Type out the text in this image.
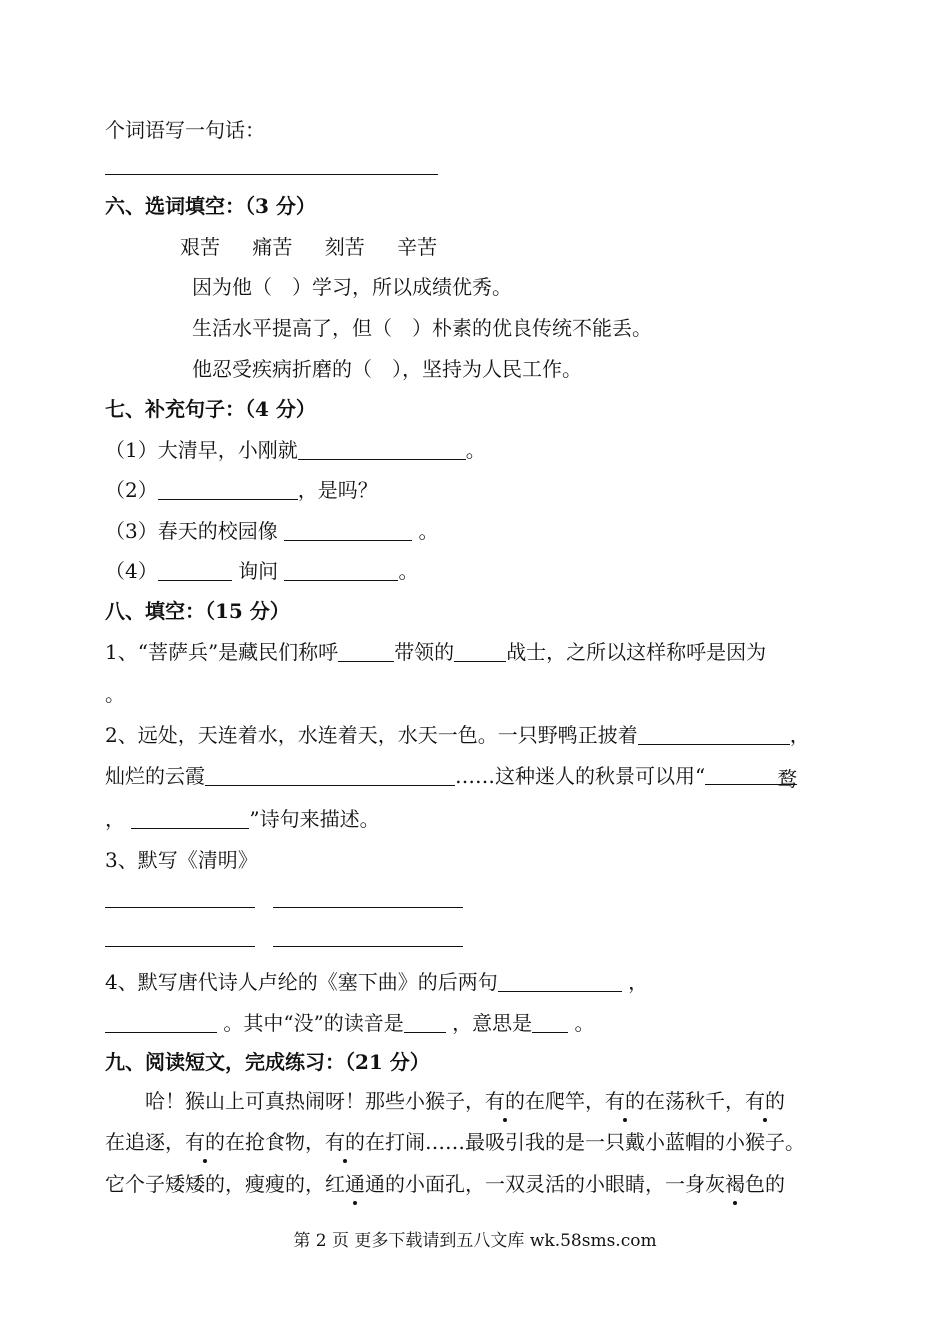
个词语写一句话：
六、选词填空：（3 分）
艰苦 痛苦 刻苦 辛苦
因为他（ ）学习，所以成绩优秀。
生活水平提高了，但（ ）朴素的优良传统不能丢。
他忍受疾病折磨的（ ），坚持为人民工作。
七、补充句子：（4 分）
（1）大清早，小刚就	。
（2）	，是吗？
（3）春天的校园像	。
（4）	询问	。
八、填空：（15 分）
1、“菩萨兵”是藏民们称呼	带领的	战士，之所以这样称呼是因为
。
2、远处，天连着水，水连着天，水天一色。一只野鸭正披着	，
灿烂的云霞	……这种迷人的秋景可以用“	鹜
，	”诗句来描述。
3、默写《清明》
4、默写唐代诗人卢纶的《塞下曲》的后两句	，
。其中“没”的读音是 ，意思是 。
九、阅读短文，完成练习：（21 分）
哈！猴山上可真热闹呀！那些小猴子，有的在爬竿，有的在荡秋千，有的
在追逐，有的在抢食物，有的在打闹……最吸引我的是一只戴小蓝帽的小猴子。
它个子矮矮的，瘦瘦的，红通通的小面孔，一双灵活的小眼睛，一身灰褐色的
第 2 页 更多下载请到五八文库 wk.58sms.com
